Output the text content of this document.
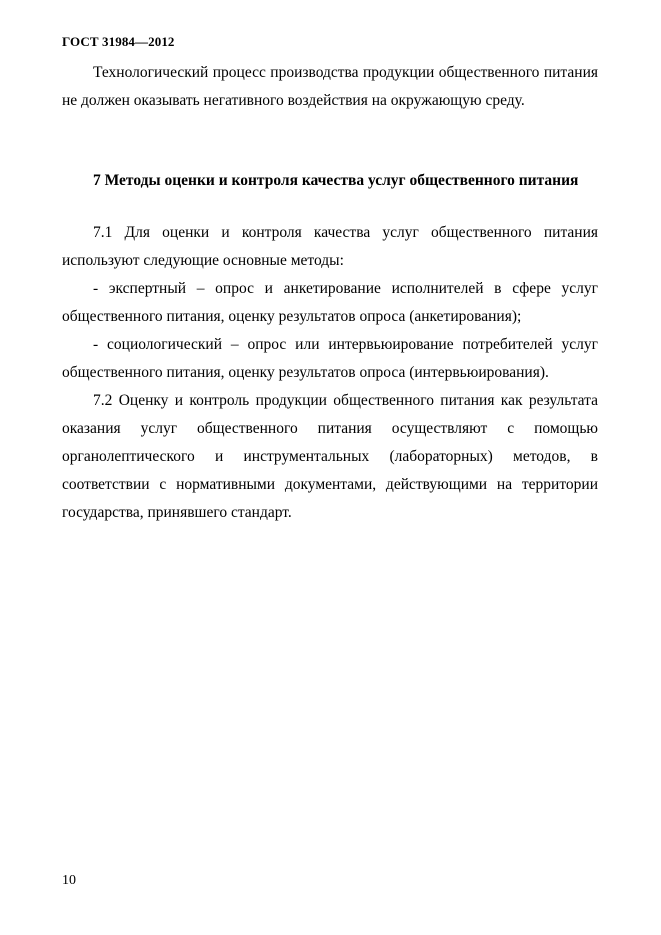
ГОСТ 31984—2012

Технологический процесс производства продукции общественного питания не должен оказывать негативного воздействия на окружающую среду.

7 Методы оценки и контроля качества услуг общественного питания

7.1 Для оценки и контроля качества услуг общественного питания используют следующие основные методы:

- экспертный – опрос и анкетирование исполнителей в сфере услуг общественного питания, оценку результатов опроса (анкетирования);

- социологический – опрос или интервьюирование потребителей услуг общественного питания, оценку результатов опроса (интервьюирования).

7.2 Оценку и контроль продукции общественного питания как результата оказания услуг общественного питания осуществляют с помощью органолептического и инструментальных (лабораторных) методов, в соответствии с нормативными документами, действующими на территории государства, принявшего стандарт.

10
